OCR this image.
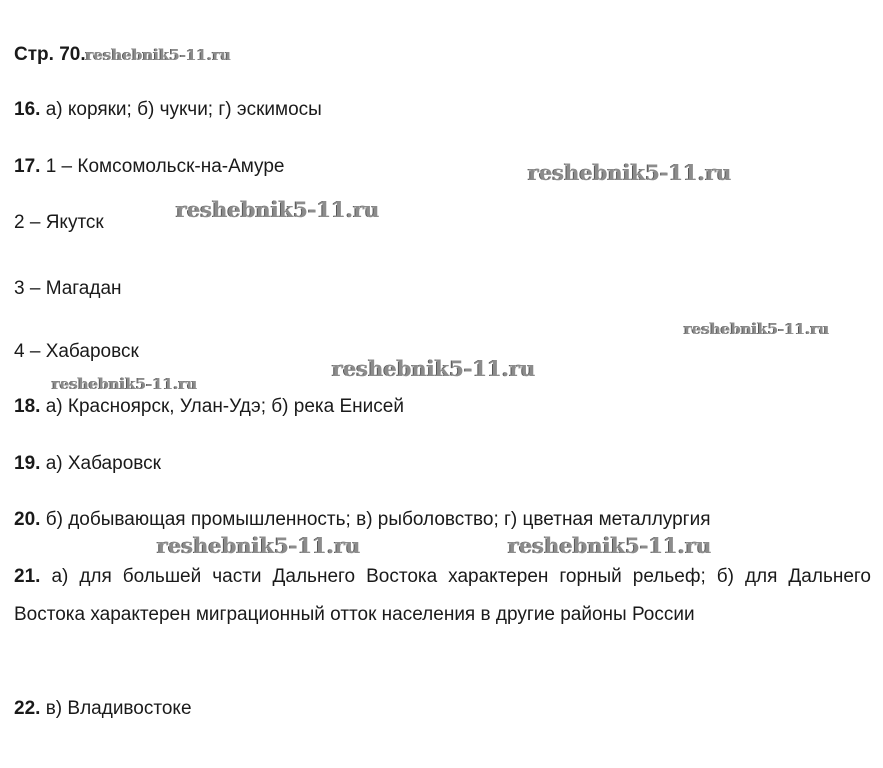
Стр. 70.reshebnik5-11.ru
16. а) коряки; б) чукчи; г) эскимосы
17. 1 – Комсомольск-на-Амуре
2 – Якутск
3 – Магадан
4 – Хабаровск
18. а) Красноярск, Улан-Удэ; б) река Енисей
19. а) Хабаровск
20. б) добывающая промышленность; в) рыболовство; г) цветная металлургия
21. а) для большей части Дальнего Востока характерен горный рельеф; б) для Дальнего Востока характерен миграционный отток населения в другие районы России
22. в) Владивостоке
reshebnik5-11.ru
reshebnik5-11.ru
reshebnik5-11.ru
reshebnik5-11.ru
reshebnik5-11.ru
reshebnik5-11.ru	reshebnik5-11.ru
